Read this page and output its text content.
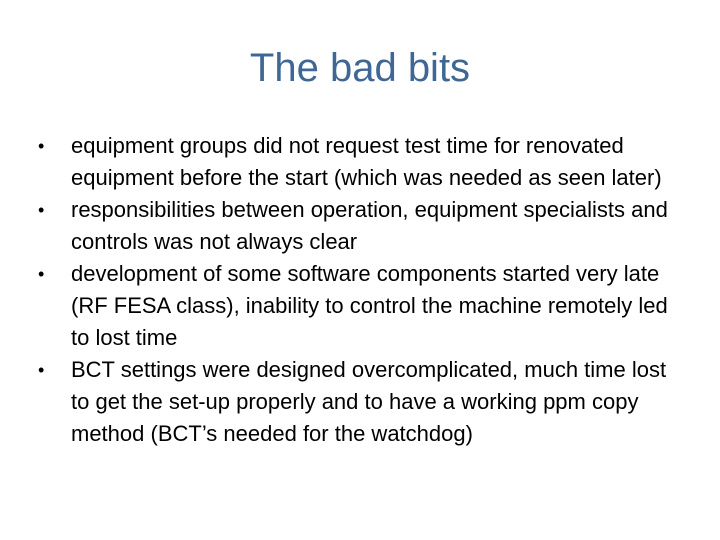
The bad bits
•	equipment groups did not request test time for renovated equipment before the start (which was needed as seen later)
•	responsibilities between operation, equipment specialists and controls was not always clear
•	development of some software components started very late (RF FESA class), inability to control the machine remotely led to lost time
•	BCT settings were designed overcomplicated, much time lost to get the set-up properly and to have a working ppm copy method (BCT’s needed for the watchdog)
